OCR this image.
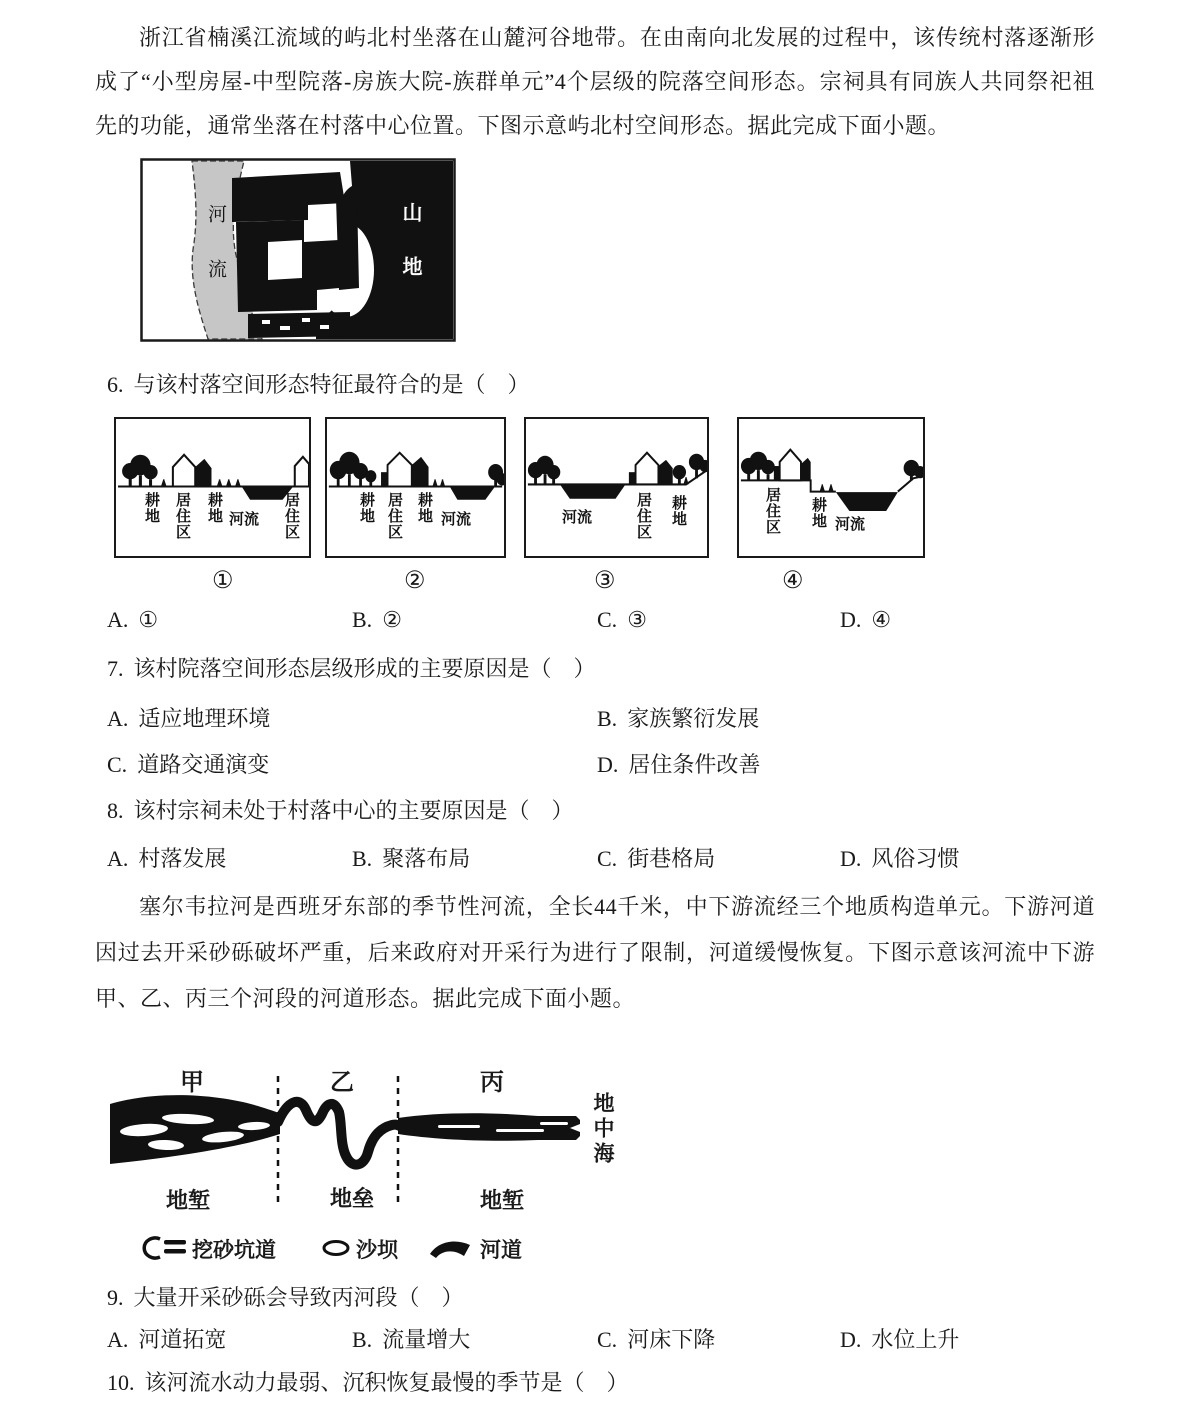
浙江省楠溪江流域的屿北村坐落在山麓河谷地带。在由南向北发展的过程中，该传统村落逐渐形成了“小型房屋-中型院落-房族大院-族群单元”4个层级的院落空间形态。宗祠具有同族人共同祭祀祖先的功能，通常坐落在村落中心位置。下图示意屿北村空间形态。据此完成下面小题。
河流	山地
6. 与该村落空间形态特征最符合的是（　）
耕地 居住区 耕地 河流 居住区	耕地 居住区 耕地 河流	河流	居住区 耕地	居住区 耕地 河流
①	②	③	④
A. ①	B. ②	C. ③	D. ④
7. 该村院落空间形态层级形成的主要原因是（　）
A. 适应地理环境	B. 家族繁衍发展
C. 道路交通演变	D. 居住条件改善
8. 该村宗祠未处于村落中心的主要原因是（　）
A. 村落发展	B. 聚落布局	C. 街巷格局	D. 风俗习惯
塞尔韦拉河是西班牙东部的季节性河流，全长44千米，中下游流经三个地质构造单元。下游河道因过去开采砂砾破坏严重，后来政府对开采行为进行了限制，河道缓慢恢复。下图示意该河流中下游甲、乙、丙三个河段的河道形态。据此完成下面小题。
甲	乙	丙
地中海
地堑	地垒	地堑
挖砂坑道	沙坝	河道
9. 大量开采砂砾会导致丙河段（　）
A. 河道拓宽	B. 流量增大	C. 河床下降	D. 水位上升
10. 该河流水动力最弱、沉积恢复最慢的季节是（　）
